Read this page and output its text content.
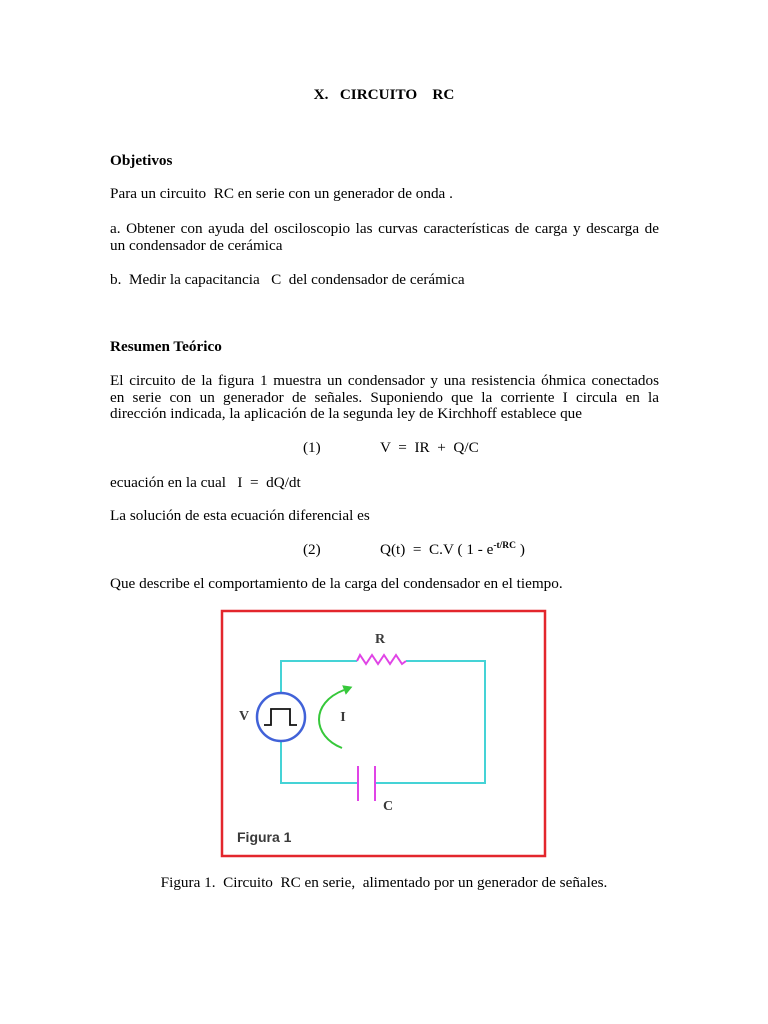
X.   CIRCUITO    RC
Objetivos
Para un circuito  RC en serie con un generador de onda .
a. Obtener con ayuda del osciloscopio las curvas características de carga y descarga de
un condensador de cerámica
b.  Medir la capacitancia   C  del condensador de cerámica
Resumen Teórico
El circuito de la figura 1 muestra un condensador y una resistencia óhmica conectados
en serie con un generador de señales. Suponiendo que la corriente I circula en la
dirección indicada, la aplicación de la segunda ley de Kirchhoff establece que
(1)	V  =  IR  +  Q/C
ecuación en la cual   I  =  dQ/dt
La solución de esta ecuación diferencial es
(2)	Q(t)  =  C.V ( $1 - e^{-t/RC}$ )
Que describe el comportamiento de la carga del condensador en el tiempo.
R
V	I
C
Figura 1
Figura 1.  Circuito  RC en serie,  alimentado por un generador de señales.
